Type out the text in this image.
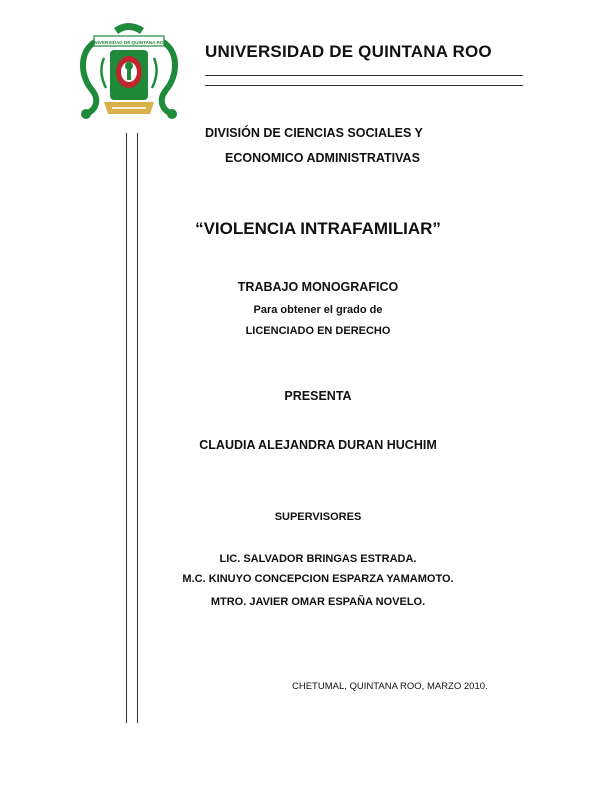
UNIVERSIDAD DE QUINTANA ROO UNIVERSIDAD DE QUINTANA ROO
DIVISIÓN DE CIENCIAS SOCIALES Y
ECONOMICO ADMINISTRATIVAS
“VIOLENCIA INTRAFAMILIAR”
TRABAJO MONOGRAFICO
Para obtener el grado de
LICENCIADO EN DERECHO
PRESENTA
CLAUDIA ALEJANDRA DURAN HUCHIM
SUPERVISORES
LIC. SALVADOR BRINGAS ESTRADA.
M.C. KINUYO CONCEPCION ESPARZA YAMAMOTO.
MTRO. JAVIER OMAR ESPAÑA NOVELO.
CHETUMAL, QUINTANA ROO, MARZO 2010.
